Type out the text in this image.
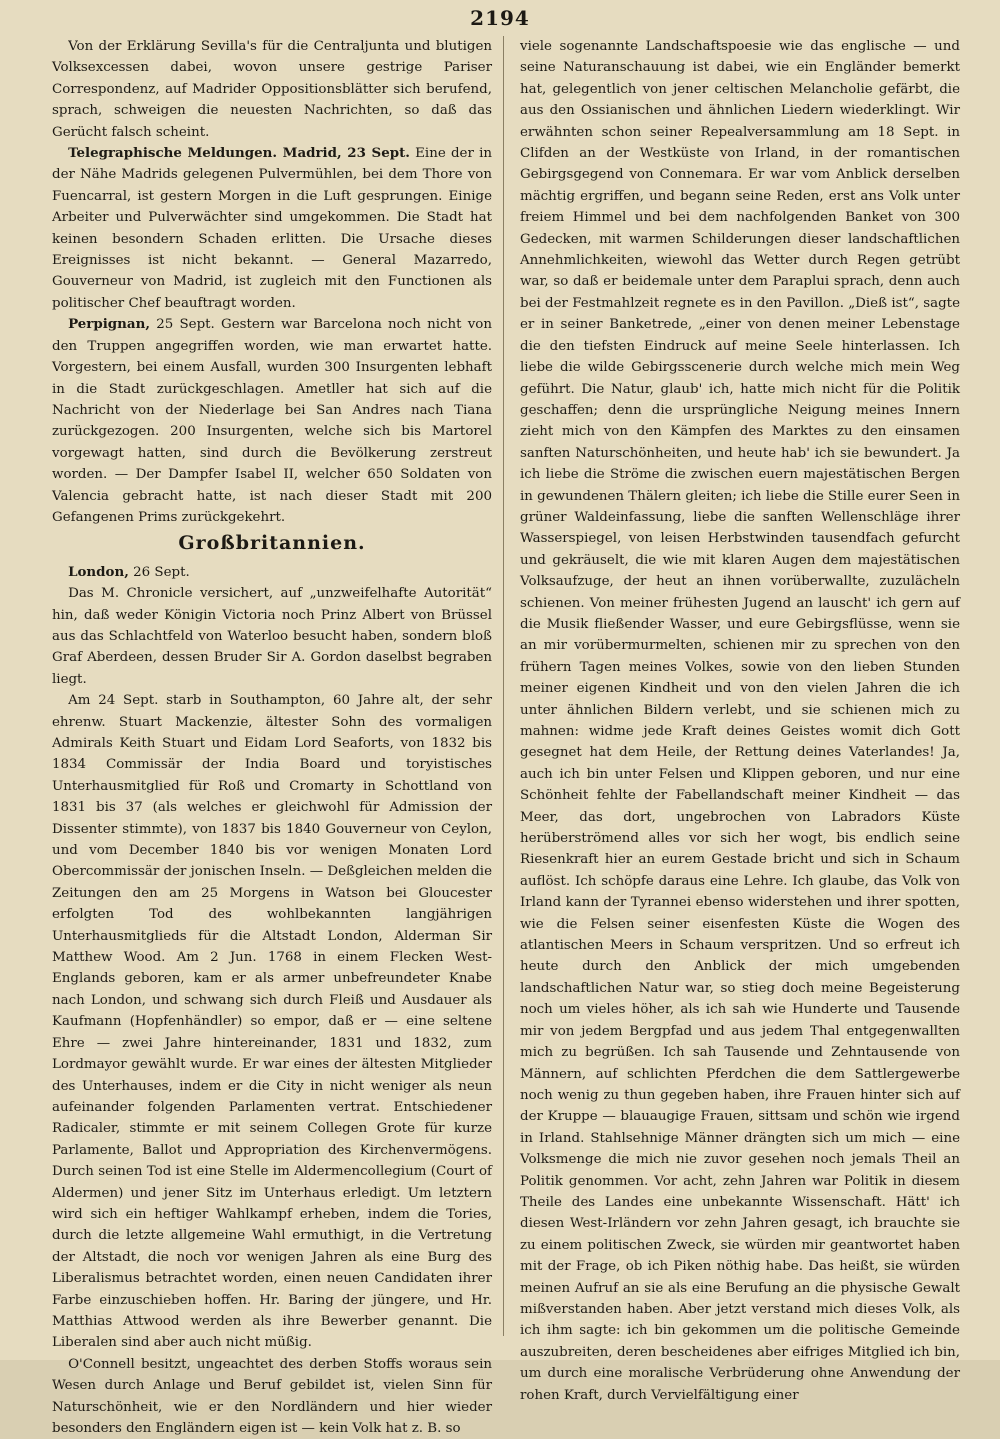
2194

Von der Erklärung Sevilla's für die Centraljunta und blutigen Volksexcessen dabei, wovon unsere gestrige Pariser Correspondenz, auf Madrider Oppositionsblätter sich berufend, sprach, schweigen die neuesten Nachrichten, so daß das Gerücht falsch scheint.

Telegraphische Meldungen. Madrid, 23 Sept. Eine der in der Nähe Madrids gelegenen Pulvermühlen, bei dem Thore von Fuencarral, ist gestern Morgen in die Luft gesprungen. Einige Arbeiter und Pulverwächter sind umgekommen. Die Stadt hat keinen besondern Schaden erlitten. Die Ursache dieses Ereignisses ist nicht bekannt. — General Mazarredo, Gouverneur von Madrid, ist zugleich mit den Functionen als politischer Chef beauftragt worden.

Perpignan, 25 Sept. Gestern war Barcelona noch nicht von den Truppen angegriffen worden, wie man erwartet hatte. Vorgestern, bei einem Ausfall, wurden 300 Insurgenten lebhaft in die Stadt zurückgeschlagen. Ametller hat sich auf die Nachricht von der Niederlage bei San Andres nach Tiana zurückgezogen. 200 Insurgenten, welche sich bis Martorel vorgewagt hatten, sind durch die Bevölkerung zerstreut worden. — Der Dampfer Isabel II, welcher 650 Soldaten von Valencia gebracht hatte, ist nach dieser Stadt mit 200 Gefangenen Prims zurückgekehrt.

Großbritannien.

London, 26 Sept.

Das M. Chronicle versichert, auf „unzweifelhafte Autorität“ hin, daß weder Königin Victoria noch Prinz Albert von Brüssel aus das Schlachtfeld von Waterloo besucht haben, sondern bloß Graf Aberdeen, dessen Bruder Sir A. Gordon daselbst begraben liegt.

Am 24 Sept. starb in Southampton, 60 Jahre alt, der sehr ehrenw. Stuart Mackenzie, ältester Sohn des vormaligen Admirals Keith Stuart und Eidam Lord Seaforts, von 1832 bis 1834 Commissär der India Board und toryistisches Unterhausmitglied für Roß und Cromarty in Schottland von 1831 bis 37 (als welches er gleichwohl für Admission der Dissenter stimmte), von 1837 bis 1840 Gouverneur von Ceylon, und vom December 1840 bis vor wenigen Monaten Lord Obercommissär der jonischen Inseln. — Deßgleichen melden die Zeitungen den am 25 Morgens in Watson bei Gloucester erfolgten Tod des wohlbekannten langjährigen Unterhausmitglieds für die Altstadt London, Alderman Sir Matthew Wood. Am 2 Jun. 1768 in einem Flecken West-Englands geboren, kam er als armer unbefreundeter Knabe nach London, und schwang sich durch Fleiß und Ausdauer als Kaufmann (Hopfenhändler) so empor, daß er — eine seltene Ehre — zwei Jahre hintereinander, 1831 und 1832, zum Lordmayor gewählt wurde. Er war eines der ältesten Mitglieder des Unterhauses, indem er die City in nicht weniger als neun aufeinander folgenden Parlamenten vertrat. Entschiedener Radicaler, stimmte er mit seinem Collegen Grote für kurze Parlamente, Ballot und Appropriation des Kirchenvermögens. Durch seinen Tod ist eine Stelle im Aldermencollegium (Court of Aldermen) und jener Sitz im Unterhaus erledigt. Um letztern wird sich ein heftiger Wahlkampf erheben, indem die Tories, durch die letzte allgemeine Wahl ermuthigt, in die Vertretung der Altstadt, die noch vor wenigen Jahren als eine Burg des Liberalismus betrachtet worden, einen neuen Candidaten ihrer Farbe einzuschieben hoffen. Hr. Baring der jüngere, und Hr. Matthias Attwood werden als ihre Bewerber genannt. Die Liberalen sind aber auch nicht müßig.

O'Connell besitzt, ungeachtet des derben Stoffs woraus sein Wesen durch Anlage und Beruf gebildet ist, vielen Sinn für Naturschönheit, wie er den Nordländern und hier wieder besonders den Engländern eigen ist — kein Volk hat z. B. so

viele sogenannte Landschaftspoesie wie das englische — und seine Naturanschauung ist dabei, wie ein Engländer bemerkt hat, gelegentlich von jener celtischen Melancholie gefärbt, die aus den Ossianischen und ähnlichen Liedern wiederklingt. Wir erwähnten schon seiner Repealversammlung am 18 Sept. in Clifden an der Westküste von Irland, in der romantischen Gebirgsgegend von Connemara. Er war vom Anblick derselben mächtig ergriffen, und begann seine Reden, erst ans Volk unter freiem Himmel und bei dem nachfolgenden Banket von 300 Gedecken, mit warmen Schilderungen dieser landschaftlichen Annehmlichkeiten, wiewohl das Wetter durch Regen getrübt war, so daß er beidemale unter dem Paraplui sprach, denn auch bei der Festmahlzeit regnete es in den Pavillon. „Dieß ist“, sagte er in seiner Banketrede, „einer von denen meiner Lebenstage die den tiefsten Eindruck auf meine Seele hinterlassen. Ich liebe die wilde Gebirgsscenerie durch welche mich mein Weg geführt. Die Natur, glaub' ich, hatte mich nicht für die Politik geschaffen; denn die ursprüngliche Neigung meines Innern zieht mich von den Kämpfen des Marktes zu den einsamen sanften Naturschönheiten, und heute hab' ich sie bewundert. Ja ich liebe die Ströme die zwischen euern majestätischen Bergen in gewundenen Thälern gleiten; ich liebe die Stille eurer Seen in grüner Waldeinfassung, liebe die sanften Wellenschläge ihrer Wasserspiegel, von leisen Herbstwinden tausendfach gefurcht und gekräuselt, die wie mit klaren Augen dem majestätischen Volksaufzuge, der heut an ihnen vorüberwallte, zuzulächeln schienen. Von meiner frühesten Jugend an lauscht' ich gern auf die Musik fließender Wasser, und eure Gebirgsflüsse, wenn sie an mir vorübermurmelten, schienen mir zu sprechen von den frühern Tagen meines Volkes, sowie von den lieben Stunden meiner eigenen Kindheit und von den vielen Jahren die ich unter ähnlichen Bildern verlebt, und sie schienen mich zu mahnen: widme jede Kraft deines Geistes womit dich Gott gesegnet hat dem Heile, der Rettung deines Vaterlandes! Ja, auch ich bin unter Felsen und Klippen geboren, und nur eine Schönheit fehlte der Fabellandschaft meiner Kindheit — das Meer, das dort, ungebrochen von Labradors Küste herüberströmend alles vor sich her wogt, bis endlich seine Riesenkraft hier an eurem Gestade bricht und sich in Schaum auflöst. Ich schöpfe daraus eine Lehre. Ich glaube, das Volk von Irland kann der Tyrannei ebenso widerstehen und ihrer spotten, wie die Felsen seiner eisenfesten Küste die Wogen des atlantischen Meers in Schaum verspritzen. Und so erfreut ich heute durch den Anblick der mich umgebenden landschaftlichen Natur war, so stieg doch meine Begeisterung noch um vieles höher, als ich sah wie Hunderte und Tausende mir von jedem Bergpfad und aus jedem Thal entgegenwallten mich zu begrüßen. Ich sah Tausende und Zehntausende von Männern, auf schlichten Pferdchen die dem Sattlergewerbe noch wenig zu thun gegeben haben, ihre Frauen hinter sich auf der Kruppe — blauaugige Frauen, sittsam und schön wie irgend in Irland. Stahlsehnige Männer drängten sich um mich — eine Volksmenge die mich nie zuvor gesehen noch jemals Theil an Politik genommen. Vor acht, zehn Jahren war Politik in diesem Theile des Landes eine unbekannte Wissenschaft. Hätt' ich diesen West-Irländern vor zehn Jahren gesagt, ich brauchte sie zu einem politischen Zweck, sie würden mir geantwortet haben mit der Frage, ob ich Piken nöthig habe. Das heißt, sie würden meinen Aufruf an sie als eine Berufung an die physische Gewalt mißverstanden haben. Aber jetzt verstand mich dieses Volk, als ich ihm sagte: ich bin gekommen um die politische Gemeinde auszubreiten, deren bescheidenes aber eifriges Mitglied ich bin, um durch eine moralische Verbrüderung ohne Anwendung der rohen Kraft, durch Vervielfältigung einer
